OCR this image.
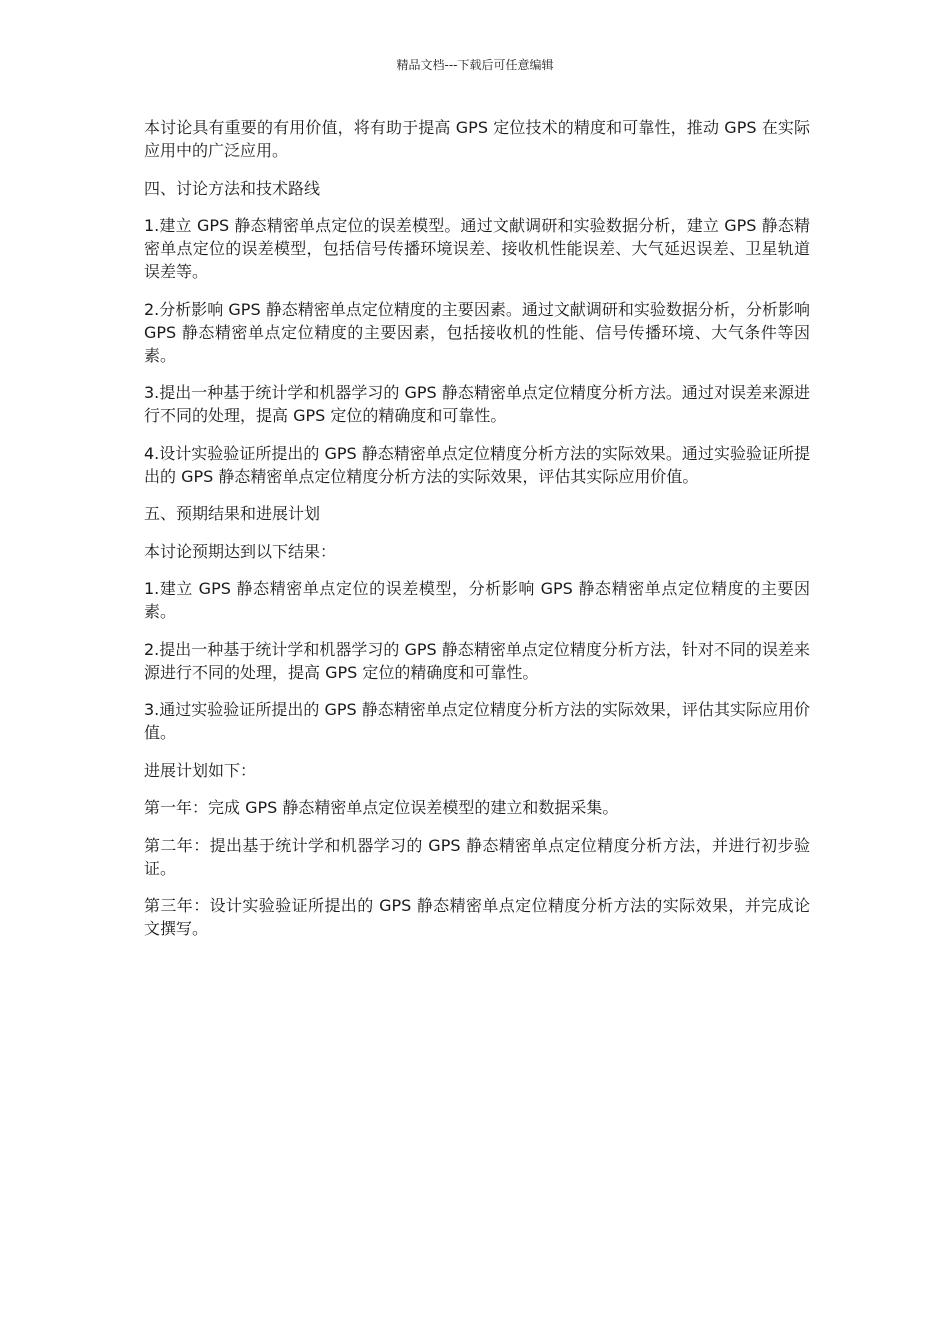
精品文档---下载后可任意编辑

本讨论具有重要的有用价值，将有助于提高 GPS 定位技术的精度和可靠性，推动 GPS 在实际应用中的广泛应用。

四、讨论方法和技术路线

1.建立 GPS 静态精密单点定位的误差模型。通过文献调研和实验数据分析，建立 GPS 静态精密单点定位的误差模型，包括信号传播环境误差、接收机性能误差、大气延迟误差、卫星轨道误差等。

2.分析影响 GPS 静态精密单点定位精度的主要因素。通过文献调研和实验数据分析，分析影响 GPS 静态精密单点定位精度的主要因素，包括接收机的性能、信号传播环境、大气条件等因素。

3.提出一种基于统计学和机器学习的 GPS 静态精密单点定位精度分析方法。通过对误差来源进行不同的处理，提高 GPS 定位的精确度和可靠性。

4.设计实验验证所提出的 GPS 静态精密单点定位精度分析方法的实际效果。通过实验验证所提出的 GPS 静态精密单点定位精度分析方法的实际效果，评估其实际应用价值。

五、预期结果和进展计划

本讨论预期达到以下结果：

1.建立 GPS 静态精密单点定位的误差模型，分析影响 GPS 静态精密单点定位精度的主要因素。

2.提出一种基于统计学和机器学习的 GPS 静态精密单点定位精度分析方法，针对不同的误差来源进行不同的处理，提高 GPS 定位的精确度和可靠性。

3.通过实验验证所提出的 GPS 静态精密单点定位精度分析方法的实际效果，评估其实际应用价值。

进展计划如下：

第一年：完成 GPS 静态精密单点定位误差模型的建立和数据采集。

第二年：提出基于统计学和机器学习的 GPS 静态精密单点定位精度分析方法，并进行初步验证。

第三年：设计实验验证所提出的 GPS 静态精密单点定位精度分析方法的实际效果，并完成论文撰写。
